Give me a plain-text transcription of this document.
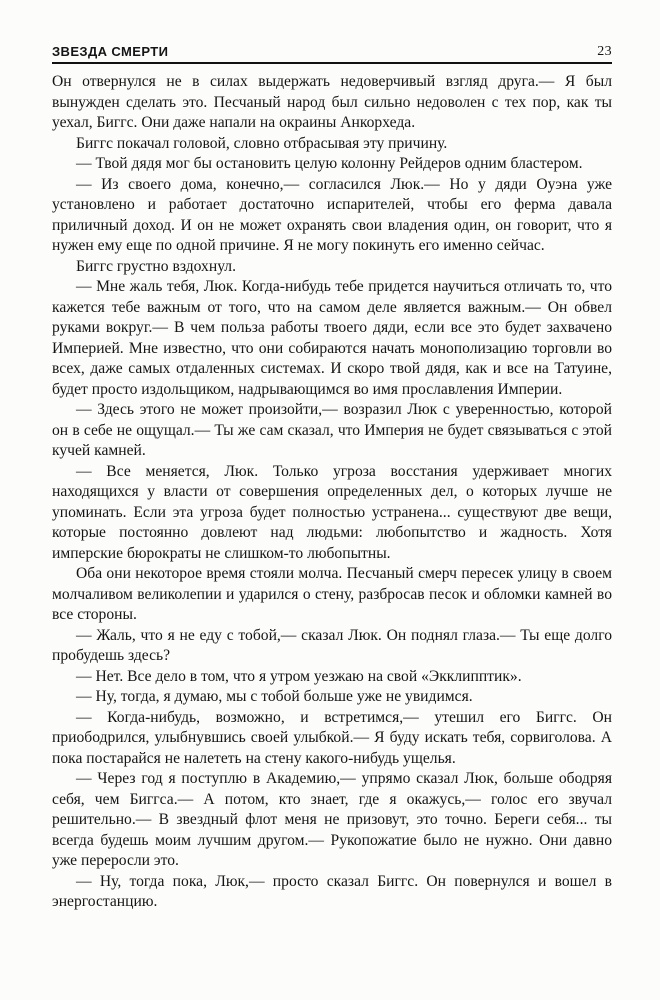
ЗВЕЗДА СМЕРТИ	23

Он отвернулся не в силах выдержать недоверчивый взгляд друга.— Я был вынужден сделать это. Песчаный народ был сильно недоволен с тех пор, как ты уехал, Биггс. Они даже напали на окраины Анкорхеда.

Биггс покачал головой, словно отбрасывая эту причину.

— Твой дядя мог бы остановить целую колонну Рейдеров одним бластером.

— Из своего дома, конечно,— согласился Люк.— Но у дяди Оуэна уже установлено и работает достаточно испарителей, чтобы его ферма давала приличный доход. И он не может охранять свои владения один, он говорит, что я нужен ему еще по одной причине. Я не могу покинуть его именно сейчас.

Биггс грустно вздохнул.

— Мне жаль тебя, Люк. Когда-нибудь тебе придется научиться отличать то, что кажется тебе важным от того, что на самом деле является важным.— Он обвел руками вокруг.— В чем польза работы твоего дяди, если все это будет захвачено Империей. Мне известно, что они собираются начать монополизацию торговли во всех, даже самых отдаленных системах. И скоро твой дядя, как и все на Татуине, будет просто издольщиком, надрывающимся во имя прославления Империи.

— Здесь этого не может произойти,— возразил Люк с уверенностью, которой он в себе не ощущал.— Ты же сам сказал, что Империя не будет связываться с этой кучей камней.

— Все меняется, Люк. Только угроза восстания удерживает многих находящихся у власти от совершения определенных дел, о которых лучше не упоминать. Если эта угроза будет полностью устранена... существуют две вещи, которые постоянно довлеют над людьми: любопытство и жадность. Хотя имперские бюрократы не слишком-то любопытны.

Оба они некоторое время стояли молча. Песчаный смерч пересек улицу в своем молчаливом великолепии и ударился о стену, разбросав песок и обломки камней во все стороны.

— Жаль, что я не еду с тобой,— сказал Люк. Он поднял глаза.— Ты еще долго пробудешь здесь?

— Нет. Все дело в том, что я утром уезжаю на свой «Экклипптик».

— Ну, тогда, я думаю, мы с тобой больше уже не увидимся.

— Когда-нибудь, возможно, и встретимся,— утешил его Биггс. Он приободрился, улыбнувшись своей улыбкой.— Я буду искать тебя, сорвиголова. А пока постарайся не налететь на стену какого-нибудь ущелья.

— Через год я поступлю в Академию,— упрямо сказал Люк, больше ободряя себя, чем Биггса.— А потом, кто знает, где я окажусь,— голос его звучал решительно.— В звездный флот меня не призовут, это точно. Береги себя... ты всегда будешь моим лучшим другом.— Рукопожатие было не нужно. Они давно уже переросли это.

— Ну, тогда пока, Люк,— просто сказал Биггс. Он повернулся и вошел в энергостанцию.
